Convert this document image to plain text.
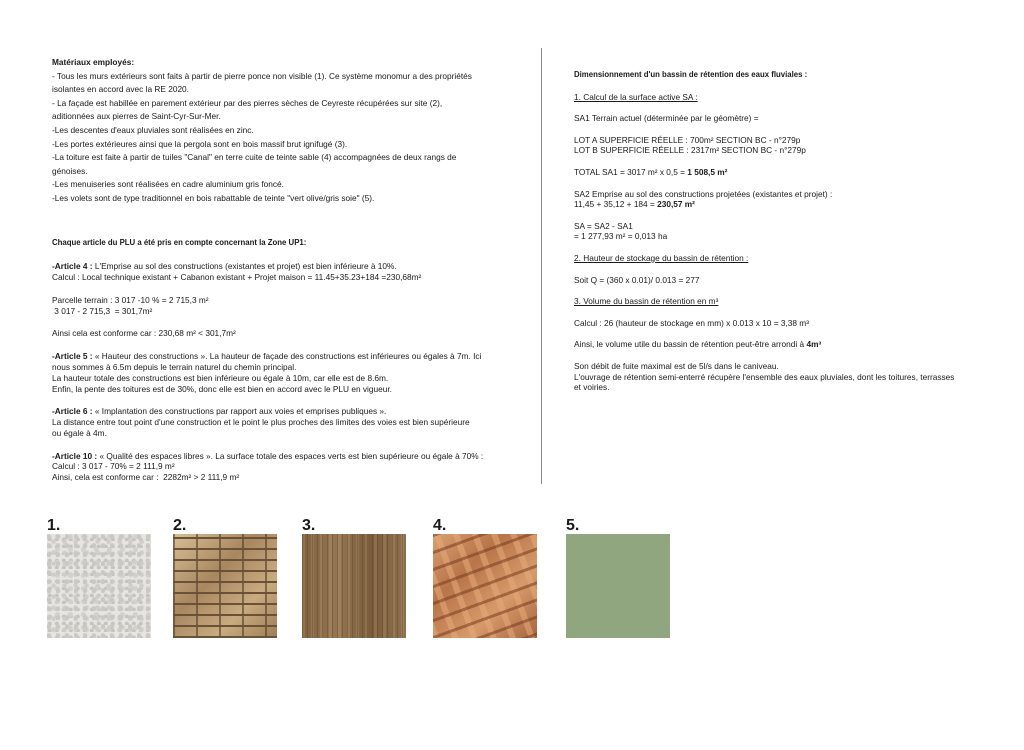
Matériaux employés:

- Tous les murs extérieurs sont faits à partir de pierre ponce non visible (1). Ce système monomur a des propriétés

isolantes en accord avec la RE 2020.

- La façade est habillée en parement extérieur par des pierres sèches de Ceyreste récupérées sur site (2),

aditionnées aux pierres de Saint-Cyr-Sur-Mer.

-Les descentes d'eaux pluviales sont réalisées en zinc.

-Les portes extérieures ainsi que la pergola sont en bois massif brut ignifugé (3).

-La toiture est faite à partir de tuiles "Canal" en terre cuite de teinte sable (4) accompagnées de deux rangs de

génoises.

-Les menuiseries sont réalisées en cadre aluminium gris foncé.

-Les volets sont de type traditionnel en bois rabattable de teinte "vert olive/gris soie" (5).

Chaque article du PLU a été pris en compte concernant la Zone UP1:

-Article 4 : L'Emprise au sol des constructions (existantes et projet) est bien inférieure à 10%.

Calcul : Local technique existant + Cabanon existant + Projet maison = 11.45+35.23+184 =230,68m²

Parcelle terrain : 3 017 -10 % = 2 715,3 m²

3 017 - 2 715,3  = 301,7m²

Ainsi cela est conforme car : 230,68 m² < 301,7m²

-Article 5 : « Hauteur des constructions ». La hauteur de façade des constructions est inférieures ou égales à 7m. Ici

nous sommes à 6.5m depuis le terrain naturel du chemin principal.

La hauteur totale des constructions est bien inférieure ou égale à 10m, car elle est de 8.6m.

Enfin, la pente des toitures est de 30%, donc elle est bien en accord avec le PLU en vigueur.

-Article 6 : « Implantation des constructions par rapport aux voies et emprises publiques ».

La distance entre tout point d'une construction et le point le plus proches des limites des voies est bien supérieure

ou égale à 4m.

-Article 10 : « Qualité des espaces libres ». La surface totale des espaces verts est bien supérieure ou égale à 70% :

Calcul : 3 017 - 70% = 2 111,9 m²

Ainsi, cela est conforme car :  2282m² > 2 111,9 m²

Dimensionnement d'un bassin de rétention des eaux fluviales :

1. Calcul de la surface active SA :

SA1 Terrain actuel (déterminée par le géomètre) =

LOT A SUPERFICIE RÉELLE : 700m² SECTION BC - n°279p

LOT B SUPERFICIE RÉELLE : 2317m² SECTION BC - n°279p

TOTAL SA1 = 3017 m² x 0,5 = 1 508,5 m²

SA2 Emprise au sol des constructions projetées (existantes et projet) :

11,45 + 35,12 + 184 = 230,57 m²

SA = SA2 - SA1

= 1 277,93 m² = 0,013 ha

2. Hauteur de stockage du bassin de rétention :

Soit Q = (360 x 0.01)/ 0.013 = 277

3. Volume du bassin de rétention en m³

Calcul : 26 (hauteur de stockage en mm) x 0.013 x 10 = 3,38 m³

Ainsi, le volume utile du bassin de rétention peut-être arrondi à 4m³

Son débit de fuite maximal est de 5l/s dans le caniveau.

L'ouvrage de rétention semi-enterré récupère l'ensemble des eaux pluviales, dont les toitures, terrasses

et voiries.

1.	2.	3.	4.	5.
